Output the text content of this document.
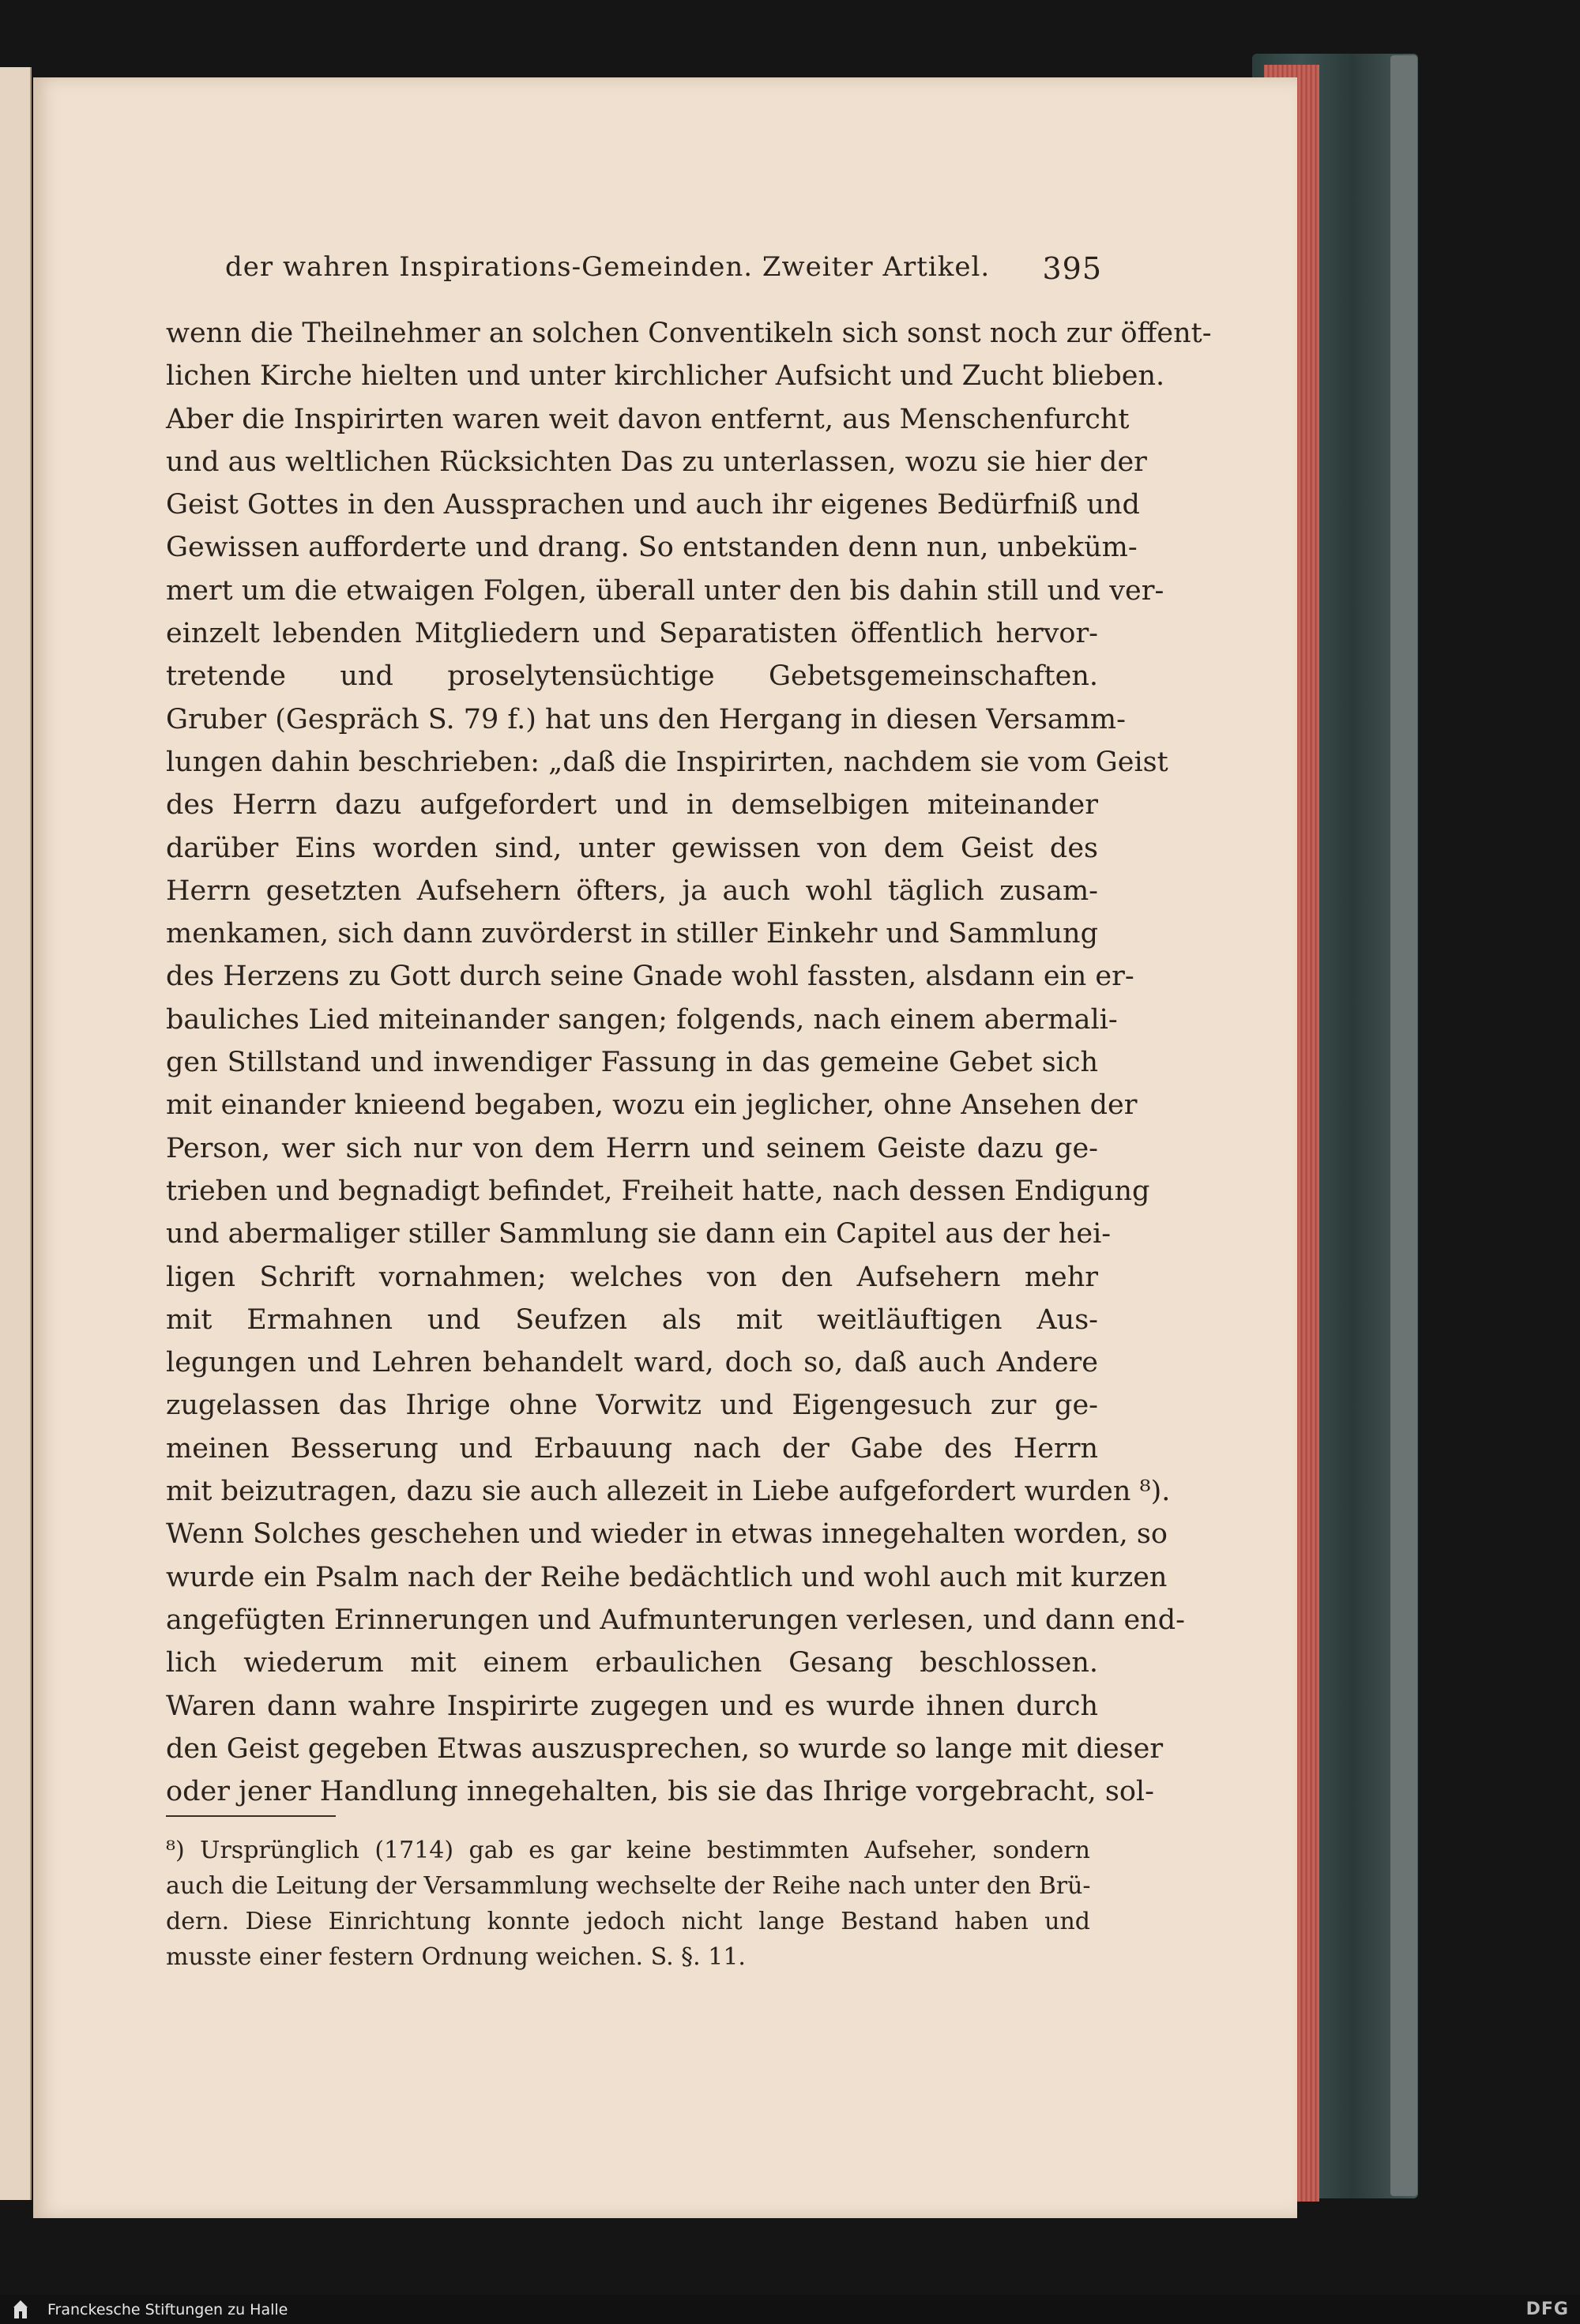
der wahren Inspirations-Gemeinden. Zweiter Artikel. 395
wenn die Theilnehmer an solchen Conventikeln sich sonst noch zur öffent-
lichen Kirche hielten und unter kirchlicher Aufsicht und Zucht blieben.
Aber die Inspirirten waren weit davon entfernt, aus Menschenfurcht
und aus weltlichen Rücksichten Das zu unterlassen, wozu sie hier der
Geist Gottes in den Aussprachen und auch ihr eigenes Bedürfniß und
Gewissen aufforderte und drang. So entstanden denn nun, unbeküm-
mert um die etwaigen Folgen, überall unter den bis dahin still und ver-
einzelt lebenden Mitgliedern und Separatisten öffentlich hervor-
tretende und proselytensüchtige Gebetsgemeinschaften.
Gruber (Gespräch S. 79 f.) hat uns den Hergang in diesen Versamm-
lungen dahin beschrieben: „daß die Inspirirten, nachdem sie vom Geist
des Herrn dazu aufgefordert und in demselbigen miteinander
darüber Eins worden sind, unter gewissen von dem Geist des
Herrn gesetzten Aufsehern öfters, ja auch wohl täglich zusam-
menkamen, sich dann zuvörderst in stiller Einkehr und Sammlung
des Herzens zu Gott durch seine Gnade wohl fassten, alsdann ein er-
bauliches Lied miteinander sangen; folgends, nach einem abermali-
gen Stillstand und inwendiger Fassung in das gemeine Gebet sich
mit einander knieend begaben, wozu ein jeglicher, ohne Ansehen der
Person, wer sich nur von dem Herrn und seinem Geiste dazu ge-
trieben und begnadigt befindet, Freiheit hatte, nach dessen Endigung
und abermaliger stiller Sammlung sie dann ein Capitel aus der hei-
ligen Schrift vornahmen; welches von den Aufsehern mehr
mit Ermahnen und Seufzen als mit weitläuftigen Aus-
legungen und Lehren behandelt ward, doch so, daß auch Andere
zugelassen das Ihrige ohne Vorwitz und Eigengesuch zur ge-
meinen Besserung und Erbauung nach der Gabe des Herrn
mit beizutragen, dazu sie auch allezeit in Liebe aufgefordert wurden ⁸).
Wenn Solches geschehen und wieder in etwas innegehalten worden, so
wurde ein Psalm nach der Reihe bedächtlich und wohl auch mit kurzen
angefügten Erinnerungen und Aufmunterungen verlesen, und dann end-
lich wiederum mit einem erbaulichen Gesang beschlossen.
Waren dann wahre Inspirirte zugegen und es wurde ihnen durch
den Geist gegeben Etwas auszusprechen, so wurde so lange mit dieser
oder jener Handlung innegehalten, bis sie das Ihrige vorgebracht, sol-
⁸) Ursprünglich (1714) gab es gar keine bestimmten Aufseher, sondern
auch die Leitung der Versammlung wechselte der Reihe nach unter den Brü-
dern. Diese Einrichtung konnte jedoch nicht lange Bestand haben und
musste einer festern Ordnung weichen. S. §. 11.
Franckesche Stiftungen zu Halle	DFG
